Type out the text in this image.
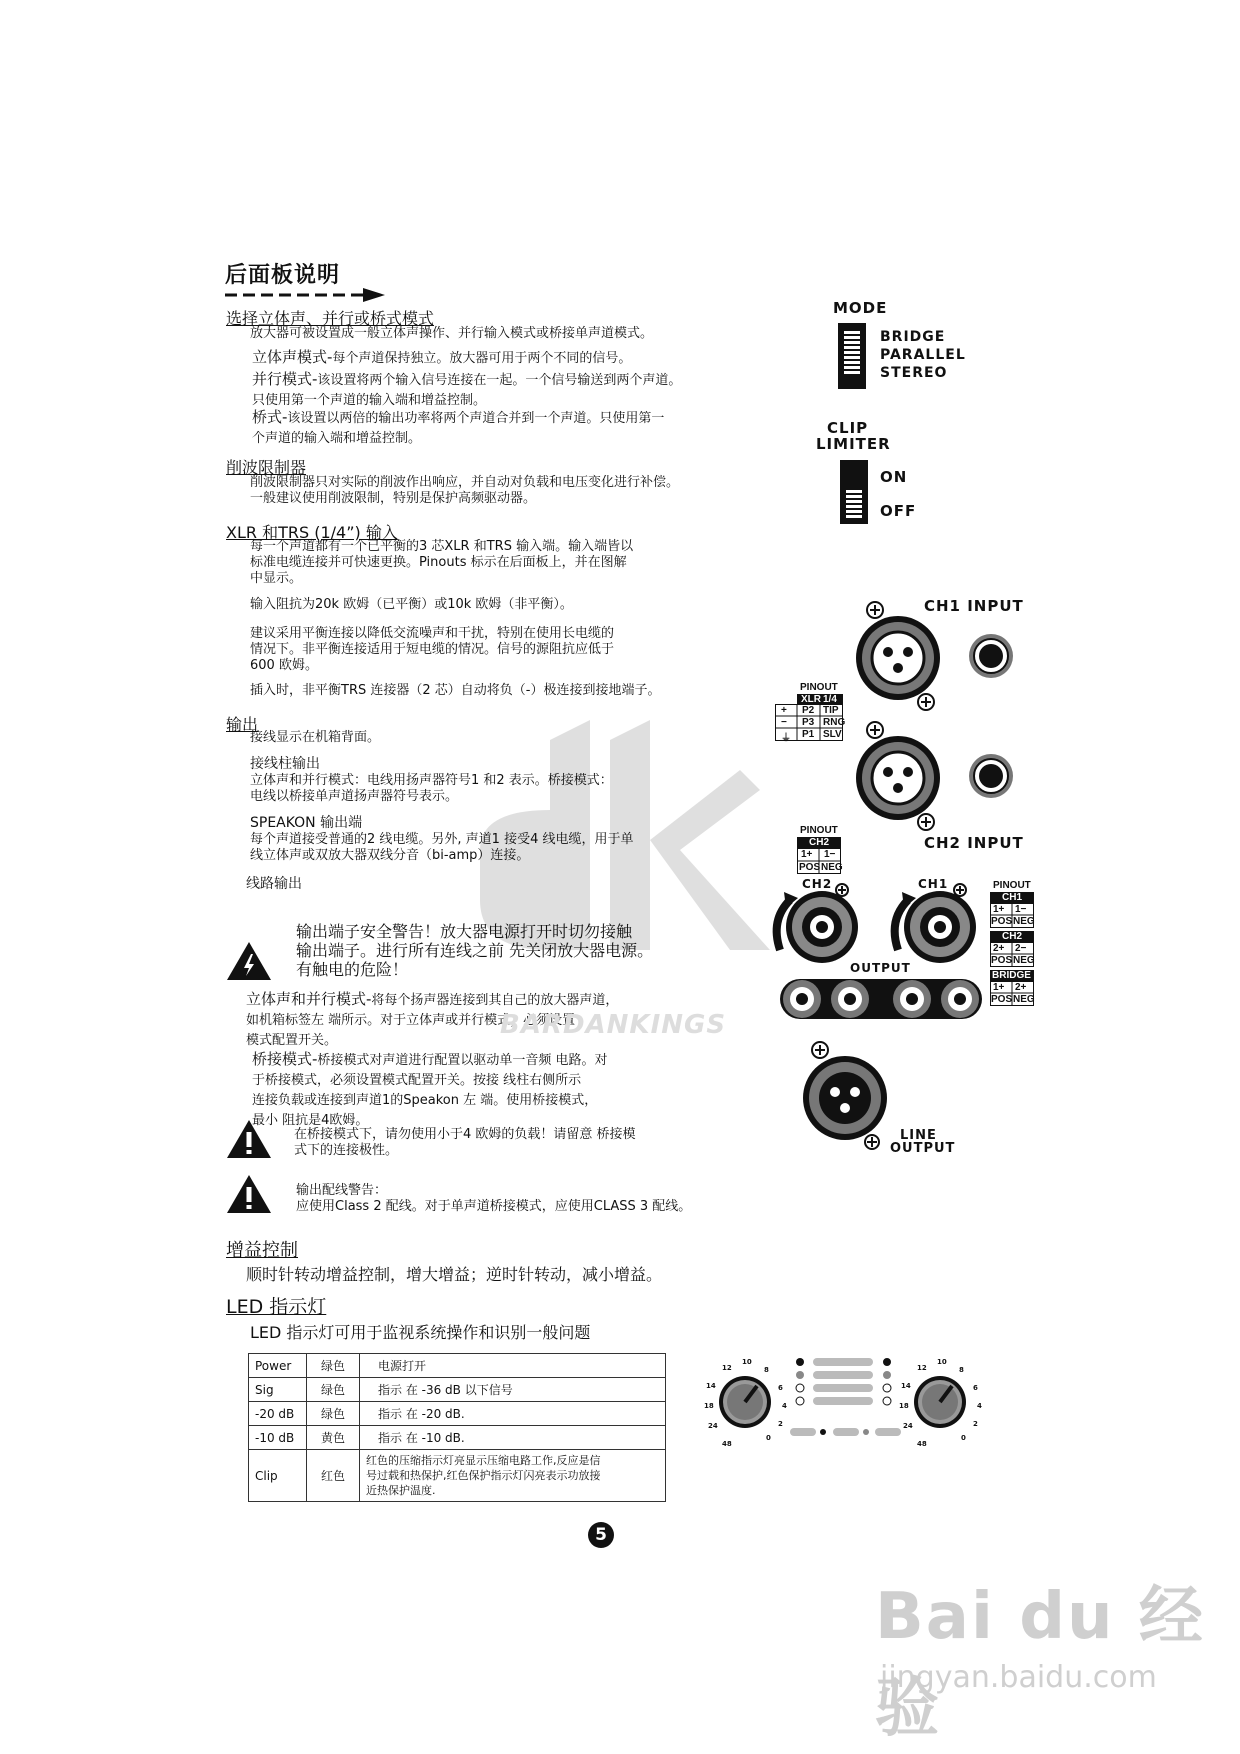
后面板说明
选择立体声、并行或桥式模式
放大器可被设置成一般立体声操作、并行输入模式或桥接单声道模式。
立体声模式-每个声道保持独立。放大器可用于两个不同的信号。
并行模式-该设置将两个输入信号连接在一起。一个信号输送到两个声道。
只使用第一个声道的输入端和增益控制。
桥式-该设置以两倍的输出功率将两个声道合并到一个声道。只使用第一
个声道的输入端和增益控制。
削波限制器
削波限制器只对实际的削波作出响应，并自动对负载和电压变化进行补偿。
一般建议使用削波限制，特别是保护高频驱动器。
XLR 和TRS (1/4”) 输入
每一个声道都有一个已平衡的3 芯XLR 和TRS 输入端。输入端皆以
标准电缆连接并可快速更换。Pinouts 标示在后面板上，并在图解
中显示。
输入阻抗为20k 欧姆（已平衡）或10k 欧姆（非平衡）。
建议采用平衡连接以降低交流噪声和干扰，特别在使用长电缆的
情况下。非平衡连接适用于短电缆的情况。信号的源阻抗应低于
600 欧姆。
插入时，非平衡TRS 连接器（2 芯）自动将负（-）极连接到接地端子。
输出
接线显示在机箱背面。
接线柱输出
立体声和并行模式：电线用扬声器符号1 和2
电线以桥接单声道扬声器符号表示。
SPEAKON 输出端
每个声道接受普通的2 线电缆。另外,
线立体声或双放大器双线分音（bi-amp）连接。
线路输出
输出端子安全警告！放大器电源打开时切勿接触
输出端子。进行所有连线之前 先关闭放大器电源。
有触电的危险！
立体声和并行模式-将每个扬声器连接到其自己的放大器声道，
如机箱标签左 端所示。对于立体声或并行模式，必须设置
模式配置开关。
桥接模式-桥接模式对声道进行配置以驱动单一音频 电路。对
于桥接模式，必须设置模式配置开关。按接 线柱右侧所示
连接负载或连接到声道1的Speakon 左 端。使用桥接模式，
最小 阻抗是4欧姆。
在桥接模式下，请勿使用小于4 欧姆的负载！请留意 桥接模
式下的连接极性。
输出配线警告：
应使用Class 2 配线。对于单声道桥接模式，应使用CLASS 3 配线。
增益控制
顺时针转动增益控制，增大增益；逆时针转动，减小增益。
LED 指示灯
LED 指示灯可用于监视系统操作和识别一般问题
Power	绿色	电源打开
Sig	绿色	指示 在 -36 dB 以下信号
-20 dB	绿色	指示 在 -20 dB.
-10 dB	黄色	指示 在 -10 dB.
Clip	红色	红色的压缩指示灯亮显示压缩电路工作,反应是信
号过载和热保护,红色保护指示灯闪亮表示功放接
近热保护温度.
MODE
BRIDGE
PARALLEL
STEREO
CLIP
LIMITER
ON
OFF
CH1 INPUT
PINOUT
XLR 1/4
+ P2 TIP
− P3 RNG
⏚ P1 SLV
CH2 INPUT
PINOUT
CH2
1+ 1−
POS NEG
PINOUT
CH1
1+ 1−
POS NEG
CH2
2+ 2−
POS NEG
BRIDGE
1+ 2+
POS NEG
CH2	CH1
OUTPUT
LINE
OUTPUT
12
10
8
6
4
2
0
48
24
18
14
12
10
8
6
4
2
0
48
24
18
14
BARDANKINGS
5
Bai du 经验
jingyan.baidu.com
